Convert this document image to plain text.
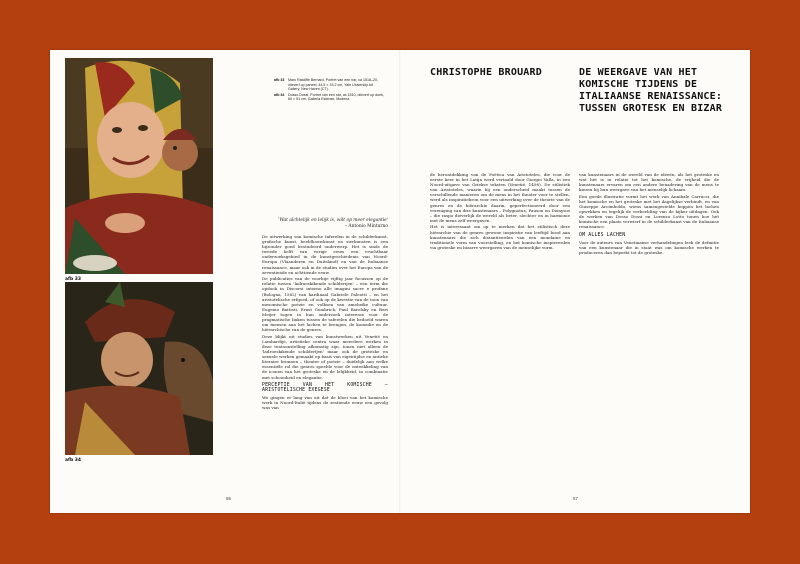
afb 33
afb 34
afb 33	Marc Ratcliffe Bernard, Portret van een nar, ca 1518–20, olieverf op paneel, 44,5 × 33,2 cm, Yale University Art Gallery, New Haven (CT).
afb 34	Dosso Dossi, Portret van een nar, ca 1510, olieverf op doek, 60 × 51 cm, Galleria Estense, Modena
'Wat alchtelijk en lelijk is, wilt op meer elegantie'
– Antonio Minturno

De uitwerking van komische taferelen in de schilderkunst, grafische kunst, beeldhouwkunst en sierkunsten is een bijzonder goed bestudeerd onderwerp. Het is sinds de tweede helft van vorige eeuw een vruchtbaar onderzoeksgebied in de kunstgeschiedenis van Noord-Europa (Vlaanderen en Duitsland) en van de Italiaanse renaissance, maar ook in de studies over het Europa van de zeventiende en achttiende eeuw.

De publicaties van de voorbije vijftig jaar focussen op de relatie tussen 'ladroeskikende schilderijen' – een term die opdook in Discorsi intorno alle imagini sacre e profane (Bologna, 1582) van kardinaal Gabriele Paleotti – en het aristotelische erfgoed, of ook op de kwestie van de toon van mesomische poëzie en volksen van amebeïke cultuur. Eugenio Battisti, Ernst Gombrich, Paul Barolsky en Bert Meijer togen in hun onderzoek interesse voor de pragmatische linken tussen de taferelen die bedoeld waren om mensen aan het lachen te brengen, de komedie en de hiërarchische van de genres.

Deze blijkt uit studies van kunstwerken uit Venetië en Lombardije, artistieke centra waar meerdere werken in deze tentoonstelling afkomstig zijn, tonen niet alleen de 'ladroeskikende schilderijen' maar ook de groteske en sexuele werken gemaakt op basis van eigentijdse en antieke literaire bronnen – theater of poëzie – duidelijk aan welke essentiële rol die genres speelde voor de ontwikkeling van de iconen van het groteske en de lelijkheid, in combinatie met schoonheid en elegantie.

PERCEPTIE VAN HET KOMISCHE – ARISTOTELISCHE EXEGESE

We gingen er lang van uit dat de bloei van het komische werk in Noord-Italië tijdens de zestiende eeuw een gevolg was van

56
CHRISTOPHE BROUARD	DE WEERGAVE VAN HET KOMISCHE TIJDENS DE ITALIAANSE RENAISSANCE: TUSSEN GROTESK EN BIZAR

de herontdekking van de Poëtica van Aristoteles, die voor de eerste keer in het Latijn werd vertaald door Giorgio Valla, in een Noord-uitgave van Griekse teksten (Venetië, 1498). De stilistiek van Aristoteles, waarin hij een onderscheid maakt tussen de verschillende manieren om de mens in het theater voor te stellen, werd als inspiratiebron voor een uitwerking over de theorie van de genres en de hiërarchie daarin, geperfectioneerd door een vereniging van drie kunstenaars – Polygnotus, Pauson en Dionysos – die raspo dieverlijk de wereld als beter, slechter en in harmonie met de mens zelf weergaven.

Het is interessant om op te merken dat het stilistisch deze hiërarchie van de genres gewone inspiratie van leeftijd bood aan kunstenaars die zich distantieerden van een mondaine en traditionele vorm van voorstelling, en het komische inspireerden via groteske en bizarre weergaven van de menselijke vorm.

van kunstenaars in de wereld van de ideeën, als het groteske en wat het is in relatie tot het komische, de vrijheid die de kunstenaars ervaren om een andere benadering van de mens te kiezen bij hun weergave van het menselijk lichaam.

Een goede illustratie vormt het werk van Annibale Carracci, die het komische en het groteske met het dagelijkse verbindt, en van Giuseppe Arcimboldo, wiens samengestelde koppen het lachen opwekken en tegelijk de verbeelding van de kijker uitdagen. Ook de werken van Dosso Dossi en Lorenzo Lotto tonen hoe het komische een plaats verwierf in de schilderkunst van de Italiaanse renaissance.

OM ALLES LACHEN

Voor de auteurs van Venetiaanse verhandelingen leek de definitie van een kunstenaar die in staat was om komische werken te produceren dan beperkt tot de groteske.

57
